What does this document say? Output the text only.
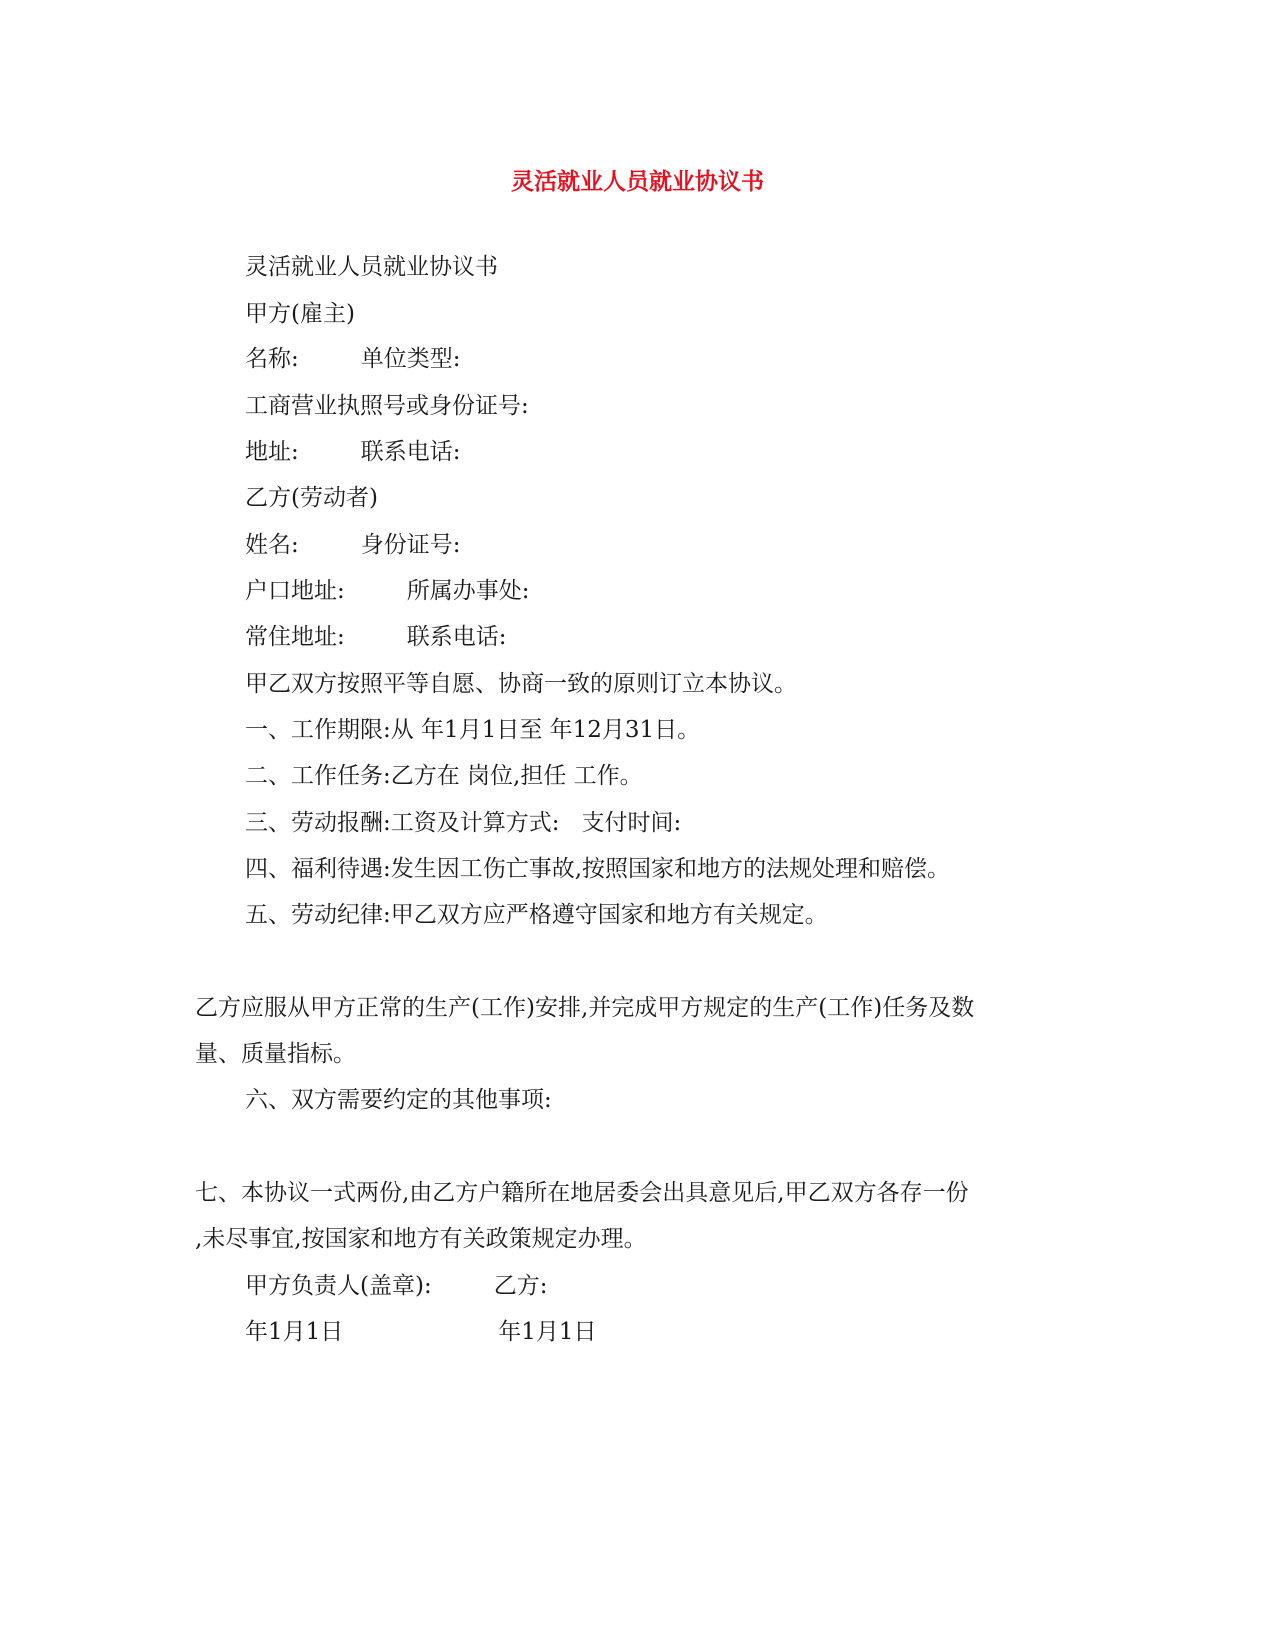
灵活就业人员就业协议书

灵活就业人员就业协议书

甲方(雇主)

名称:	单位类型:

工商营业执照号或身份证号:

地址:	联系电话:

乙方(劳动者)

姓名:	身份证号:

户口地址:	所属办事处:

常住地址:	联系电话:

甲乙双方按照平等自愿、协商一致的原则订立本协议。

一、工作期限:从 年1月1日至 年12月31日。

二、工作任务:乙方在 岗位,担任 工作。

三、劳动报酬:工资及计算方式: 支付时间:

四、福利待遇:发生因工伤亡事故,按照国家和地方的法规处理和赔偿。

五、劳动纪律:甲乙双方应严格遵守国家和地方有关规定。

乙方应服从甲方正常的生产(工作)安排,并完成甲方规定的生产(工作)任务及数

量、质量指标。

六、双方需要约定的其他事项:

七、本协议一式两份,由乙方户籍所在地居委会出具意见后,甲乙双方各存一份

,未尽事宜,按国家和地方有关政策规定办理。

甲方负责人(盖章):	乙方:

年1月1日	年1月1日
